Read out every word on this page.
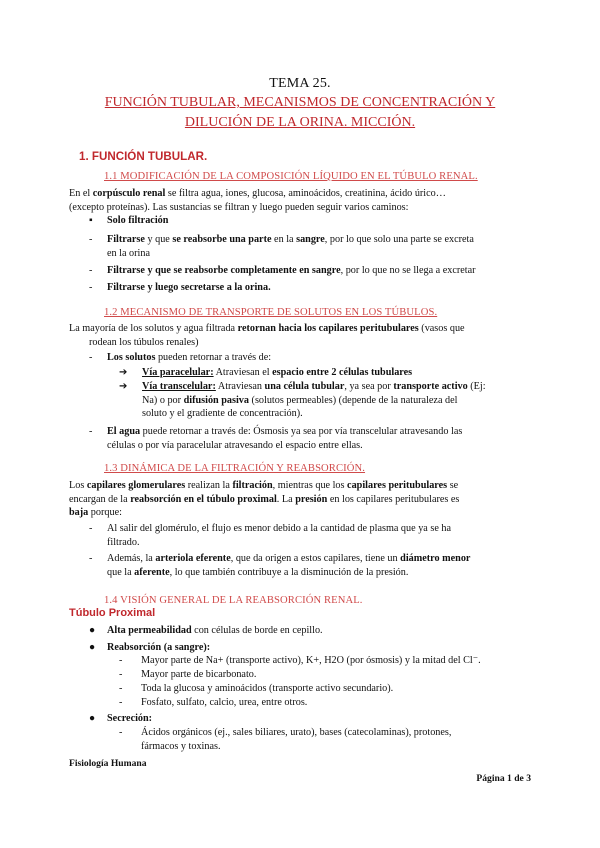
TEMA 25.
FUNCIÓN TUBULAR, MECANISMOS DE CONCENTRACIÓN Y
DILUCIÓN DE LA ORINA. MICCIÓN.
1. FUNCIÓN TUBULAR.
1.1 MODIFICACIÓN DE LA COMPOSICIÓN LÍQUIDO EN EL TÚBULO RENAL.
En el corpúsculo renal se filtra agua, iones, glucosa, aminoácidos, creatinina, ácido úrico…
(excepto proteínas). Las sustancias se filtran y luego pueden seguir varios caminos:
▪ Solo filtración
- Filtrarse y que se reabsorbe una parte en la sangre, por lo que solo una parte se excreta
en la orina
- Filtrarse y que se reabsorbe completamente en sangre, por lo que no se llega a excretar
- Filtrarse y luego secretarse a la orina.
1.2 MECANISMO DE TRANSPORTE DE SOLUTOS EN LOS TÚBULOS.
La mayoría de los solutos y agua filtrada retornan hacia los capilares peritubulares (vasos que
rodean los túbulos renales)
- Los solutos pueden retornar a través de:
➔ Vía paracelular: Atraviesan el espacio entre 2 células tubulares
➔ Vía transcelular: Atraviesan una célula tubular, ya sea por transporte activo (Ej:
Na) o por difusión pasiva (solutos permeables) (depende de la naturaleza del
soluto y el gradiente de concentración).
- El agua puede retornar a través de: Ósmosis ya sea por vía transcelular atravesando las
células o por vía paracelular atravesando el espacio entre ellas.
1.3 DINÁMICA DE LA FILTRACIÓN Y REABSORCIÓN.
Los capilares glomerulares realizan la filtración, mientras que los capilares peritubulares se
encargan de la reabsorción en el túbulo proximal. La presión en los capilares peritubulares es
baja porque:
- Al salir del glomérulo, el flujo es menor debido a la cantidad de plasma que ya se ha
filtrado.
- Además, la arteriola eferente, que da origen a estos capilares, tiene un diámetro menor
que la aferente, lo que también contribuye a la disminución de la presión.
1.4 VISIÓN GENERAL DE LA REABSORCIÓN RENAL.
Túbulo Proximal
● Alta permeabilidad con células de borde en cepillo.
● Reabsorción (a sangre):
- Mayor parte de Na+ (transporte activo), K+, H2O (por ósmosis) y la mitad del Cl⁻.
- Mayor parte de bicarbonato.
- Toda la glucosa y aminoácidos (transporte activo secundario).
- Fosfato, sulfato, calcio, urea, entre otros.
● Secreción:
- Ácidos orgánicos (ej., sales biliares, urato), bases (catecolaminas), protones,
fármacos y toxinas.
Fisiología Humana
Página 1 de 3
